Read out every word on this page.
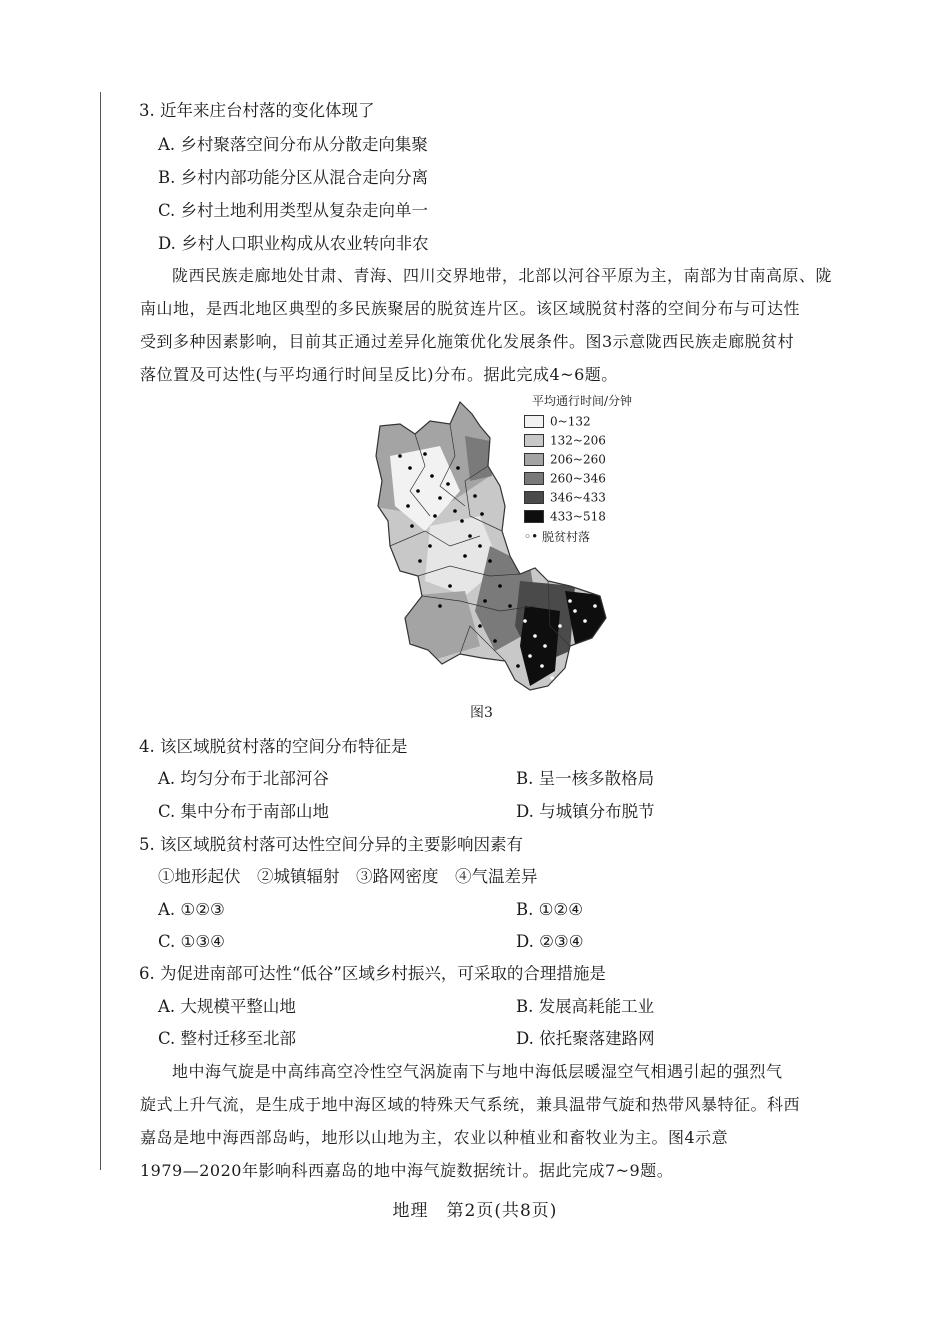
3. 近年来庄台村落的变化体现了
A. 乡村聚落空间分布从分散走向集聚
B. 乡村内部功能分区从混合走向分离
C. 乡村土地利用类型从复杂走向单一
D. 乡村人口职业构成从农业转向非农

陇西民族走廊地处甘肃、青海、四川交界地带，北部以河谷平原为主，南部为甘南高原、陇

南山地，是西北地区典型的多民族聚居的脱贫连片区。该区域脱贫村落的空间分布与可达性

受到多种因素影响，目前其正通过差异化施策优化发展条件。图3示意陇西民族走廊脱贫村

落位置及可达性(与平均通行时间呈反比)分布。据此完成4~6题。

平均通行时间/分钟
0~132
132~206
206~260
260~346
346~433
433~518
◦• 脱贫村落
图3
4. 该区域脱贫村落的空间分布特征是
A. 均匀分布于北部河谷	B. 呈一核多散格局
C. 集中分布于南部山地	D. 与城镇分布脱节
5. 该区域脱贫村落可达性空间分异的主要影响因素有
①地形起伏　②城镇辐射　③路网密度　④气温差异
A. ①②③	B. ①②④
C. ①③④	D. ②③④
6. 为促进南部可达性“低谷”区域乡村振兴，可采取的合理措施是
A. 大规模平整山地	B. 发展高耗能工业
C. 整村迁移至北部	D. 依托聚落建路网

地中海气旋是中高纬高空冷性空气涡旋南下与地中海低层暖湿空气相遇引起的强烈气

旋式上升气流，是生成于地中海区域的特殊天气系统，兼具温带气旋和热带风暴特征。科西

嘉岛是地中海西部岛屿，地形以山地为主，农业以种植业和畜牧业为主。图4示意

1979—2020年影响科西嘉岛的地中海气旋数据统计。据此完成7~9题。

地理　第2页(共8页)
